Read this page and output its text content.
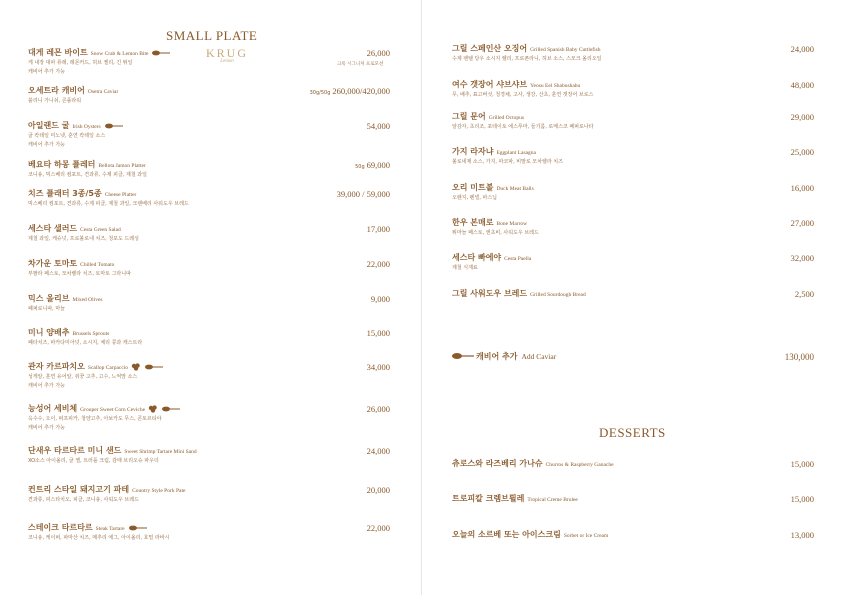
SMALL PLATE
KRUG
Lemon
크룩 시그니처 프로모션
대게 레몬 바이트 Snow Crab & Lemon Bite
게 내장 대파 퓨레, 레몬커드, 허브 젤리, 긴 튀일
캐비어 추가 가능
26,000
오세트라 캐비어 Osetra Caviar
블리니 가니쉬, 콘플라워
30g/50g 260,000/420,000
아일랜드 굴 Irish Oysters
굴 칵테일 미노넷, 훈연 칵테일 소스
캐비어 추가 가능
54,000
베요타 하몽 플레터 Bellota Jamon Platter
코니숑, 믹스베리 컴포트, 견과류, 수제 피클, 제철 과일
50g 69,000
치즈 플래터 3종/5종 Cheese Platter
믹스베리 컴포트, 견과류, 수제 피클, 제철 과일, 크랜베리 사워도우 브레드
39,000 / 59,000
세스타 샐러드 Cesta Green Salad
제철 과일, 케슈넛, 프로볼로네 치즈, 청포도 드레싱
17,000
차가운 토마토 Chilled Tomato
부팔라 페스토, 모차렐라 치즈, 토마토 그라니따
22,000
믹스 올리브 Mixed Olives
페퍼로니따, 마늘
9,000
미니 양배추 Brussels Sprouts
페타치즈, 파카다미아넛, 소시지, 체리 콩과 캐스트라
15,000
관자 카르파치오 Scallop Carpaccio
성게알, 훈연 유어알, 쥐꿍 고추, 고수, 느억맘 소스
캐비어 추가 가능
34,000
능성어 세비체 Grouper Sweet Corn Ceviche
옥수수, 오이, 퍼프피카, 청양고추, 아보카도 무스, 콘토르티야
캐비어 추가 가능
26,000
단새우 타르타르 미니 샌드 Sweet Shrimp Tartare Mini Sand
XO소스 아이올리, 굴 젤, 트러플 크림, 감태 브리오슈 파우더
24,000
컨트리 스타일 돼지고기 파테 Country Style Pork Pate
견과류, 피스타치오, 피클, 코니숑, 사워도우 브레드
20,000
스테이크 타르타르 Steak Tartare
코니숑, 케이퍼, 파마산 치즈, 메추리 에그, 아이올리, 호밀 라바시
22,000
그릴 스페인산 오징어 Grilled Spanish Baby Cuttlefish
수제 팬텔 당우 소시지 렐리, 프로폰라니, 허브 소스, 스모크 올리오일
24,000
여수 갯장어 샤브샤브 Yeosu Eel Shabushabu
무, 배추, 표고버섯, 청경채, 고사, 생강, 산초, 훈연 갯장어 브로스
48,000
그릴 문어 Grilled Octopus
알감자, 초리조, 포테이토 에스푸마, 들기름, 로메스코 페퍼로나타
29,000
가지 라자냐 Eggplant Lasagna
볼로네제 소스, 가지, 파코파, 비말로 모차렐라 치즈
25,000
오리 미트볼 Duck Meat Balls
오렌지, 펜넬, 파스닙
16,000
한우 본매로 Bone Marrow
튀마늘 페스토, 엔초비, 사워도우 브레드
27,000
세스타 빠에야 Cesta Paella
제철 식재료
32,000
그릴 사워도우 브레드 Grilled Sourdough Bread	2,500
캐비어 추가 Add Caviar	130,000
DESSERTS
츄로스와 라즈베리 가나슈 Churros & Raspberry Ganache	15,000
트로피칼 크렘브륄레 Tropical Creme Brulee	15,000
오늘의 소르베 또는 아이스크림 Sorbet or Ice Cream	13,000
